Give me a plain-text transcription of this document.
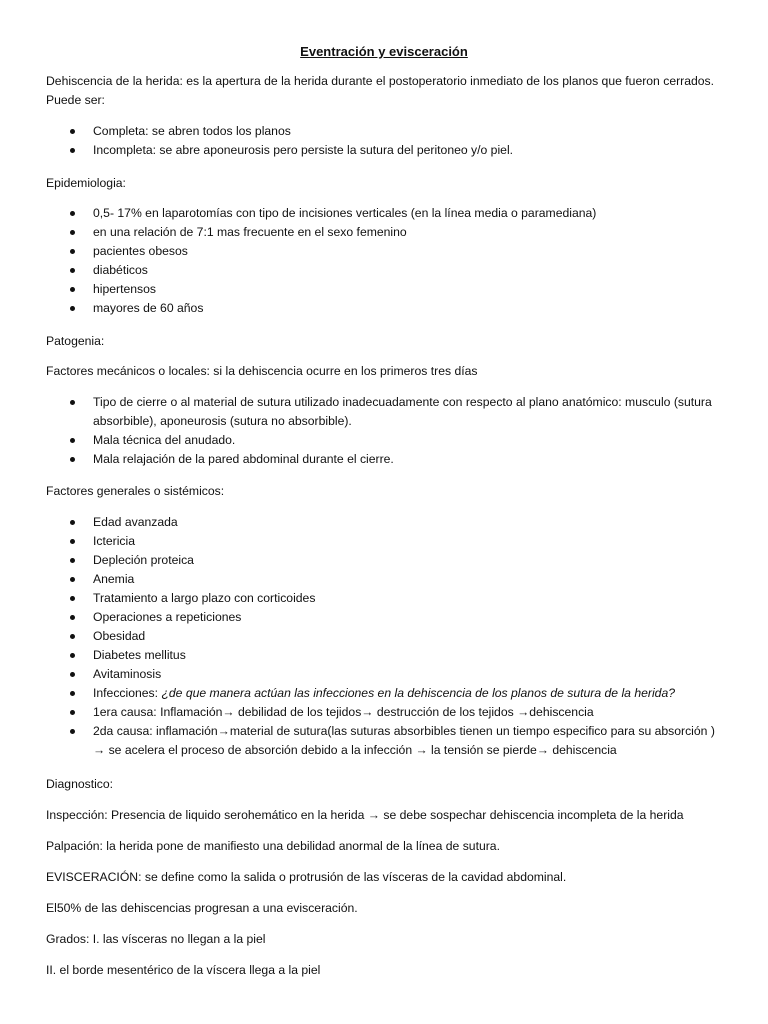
Eventración y evisceración

Dehiscencia de la herida: es la apertura de la herida durante el postoperatorio inmediato de los planos que fueron cerrados. Puede ser:

Completa: se abren todos los planos
Incompleta: se abre aponeurosis pero persiste la sutura del peritoneo y/o piel.

Epidemiologia:

0,5- 17% en laparotomías con tipo de incisiones verticales (en la línea media o paramediana)
en una relación de 7:1 mas frecuente en el sexo femenino
pacientes obesos
diabéticos
hipertensos
mayores de 60 años

Patogenia:

Factores mecánicos o locales: si la dehiscencia ocurre en los primeros tres días

Tipo de cierre o al material de sutura utilizado inadecuadamente con respecto al plano anatómico: musculo (sutura absorbible), aponeurosis (sutura no absorbible).
Mala técnica del anudado.
Mala relajación de la pared abdominal durante el cierre.

Factores generales o sistémicos:

Edad avanzada
Ictericia
Depleción proteica
Anemia
Tratamiento a largo plazo con corticoides
Operaciones a repeticiones
Obesidad
Diabetes mellitus
Avitaminosis
Infecciones: ¿de que manera actúan las infecciones en la dehiscencia de los planos de sutura de la herida?
1era causa: Inflamación→ debilidad de los tejidos→ destrucción de los tejidos →dehiscencia
2da causa: inflamación→material de sutura(las suturas absorbibles tienen un tiempo especifico para su absorción ) → se acelera el proceso de absorción debido a la infección → la tensión se pierde→ dehiscencia

Diagnostico:

Inspección: Presencia de liquido serohemático en la herida → se debe sospechar dehiscencia incompleta de la herida

Palpación: la herida pone de manifiesto una debilidad anormal de la línea de sutura.

EVISCERACIÓN: se define como la salida o protrusión de las vísceras de la cavidad abdominal.

El50% de las dehiscencias progresan a una evisceración.

Grados: I. las vísceras no llegan a la piel

II. el borde mesentérico de la víscera llega a la piel
